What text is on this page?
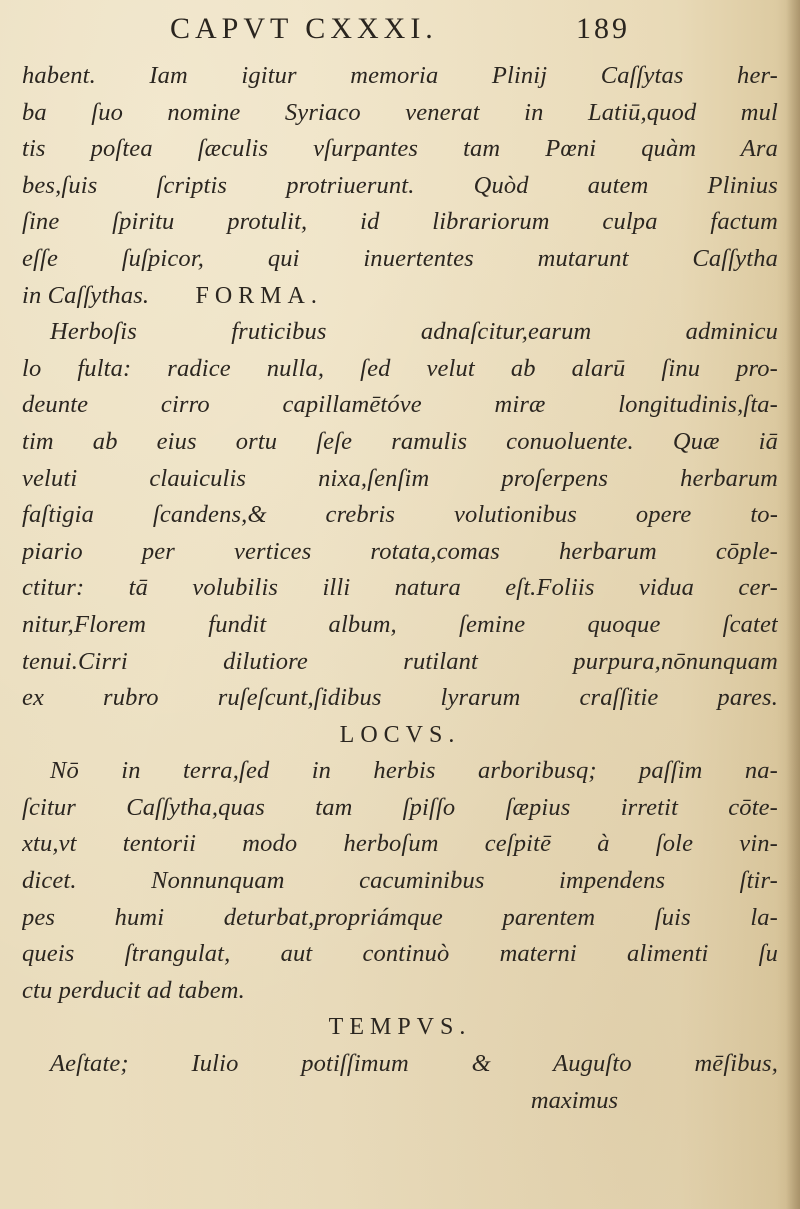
CAPVT CXXXI.	189
habent. Iam igitur memoria Plinij Caſſytas her-
ba ſuo nomine Syriaco venerat in Latiū,quod mul
tis poſtea ſæculis vſurpantes tam Pœni quàm Ara
bes,ſuis ſcriptis protriuerunt. Quòd autem Plinius
ſine ſpiritu protulit, id librariorum culpa factum
eſſe ſuſpicor, qui inuertentes mutarunt Caſſytha
in Caſſythas. FORMA.
Herboſis fruticibus adnaſcitur,earum adminicu
lo fulta: radice nulla, ſed velut ab alarū ſinu pro-
deunte cirro capillamētóve miræ longitudinis,ſta-
tim ab eius ortu ſeſe ramulis conuoluente. Quæ iā
veluti clauiculis nixa,ſenſim proſerpens herbarum
faſtigia ſcandens,& crebris volutionibus opere to-
piario per vertices rotata,comas herbarum cōple-
ctitur: tā volubilis illi natura eſt.Foliis vidua cer-
nitur,Florem fundit album, ſemine quoque ſcatet
tenui.Cirri dilutiore rutilant purpura,nōnunquam
ex rubro ruſeſcunt,ſidibus lyrarum craſſitie pares.
LOCVS.
Nō in terra,ſed in herbis arboribusq; paſſim na-
ſcitur Caſſytha,quas tam ſpiſſo ſæpius irretit cōte-
xtu,vt tentorii modo herboſum ceſpitē à ſole vin-
dicet. Nonnunquam cacuminibus impendens ſtir-
pes humi deturbat,propriámque parentem ſuis la-
queis ſtrangulat, aut continuò materni alimenti ſu
ctu perducit ad tabem.
TEMPVS.
Aeſtate; Iulio potiſſimum & Auguſto mēſibus,
maximus
